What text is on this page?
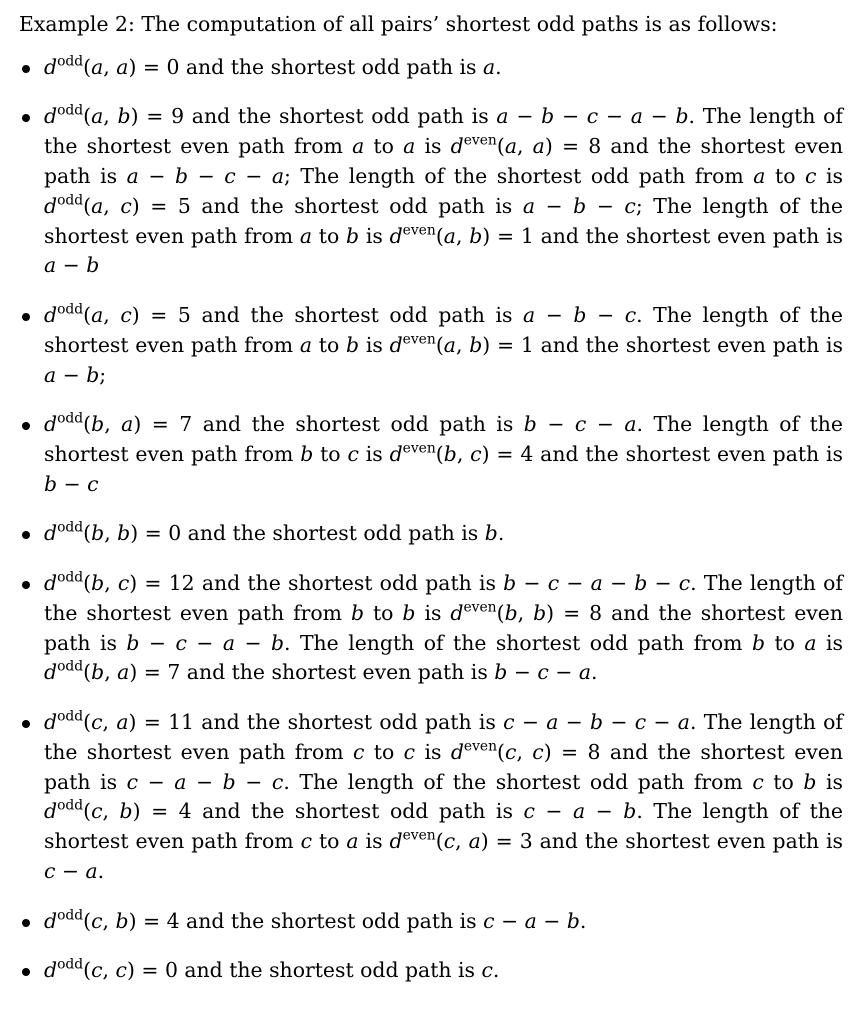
Example 2: The computation of all pairs’ shortest odd paths is as follows:

$d^{odd}(a$, a) = 0 and the shortest odd path is a.
$d^{odd}(a$, b) = 9 and the shortest odd path is a − b − c − a − b. The length of the shortest even path from a to a is $d^{even}(a$, a) = 8 and the shortest even path is a − b − c − a; The length of the shortest odd path from a to c is $d^{odd}(a$, c) = 5 and the shortest odd path is a − b − c; The length of the shortest even path from a to b is $d^{even}(a$, b) = 1 and the shortest even path is a − b
$d^{odd}(a$, c) = 5 and the shortest odd path is a − b − c. The length of the shortest even path from a to b is $d^{even}(a$, b) = 1 and the shortest even path is a − b;
$d^{odd}(b$, a) = 7 and the shortest odd path is b − c − a. The length of the shortest even path from b to c is $d^{even}(b$, c) = 4 and the shortest even path is b − c
$d^{odd}(b$, b) = 0 and the shortest odd path is b.
$d^{odd}(b$, c) = 12 and the shortest odd path is b − c − a − b − c. The length of the shortest even path from b to b is $d^{even}(b$, b) = 8 and the shortest even path is b − c − a − b. The length of the shortest odd path from b to a is $d^{odd}(b$, a) = 7 and the shortest even path is b − c − a.
$d^{odd}(c$, a) = 11 and the shortest odd path is c − a − b − c − a. The length of the shortest even path from c to c is $d^{even}(c$, c) = 8 and the shortest even path is c − a − b − c. The length of the shortest odd path from c to b is $d^{odd}(c$, b) = 4 and the shortest odd path is c − a − b. The length of the shortest even path from c to a is $d^{even}(c$, a) = 3 and the shortest even path is c − a.
$d^{odd}(c$, b) = 4 and the shortest odd path is c − a − b.
$d^{odd}(c$, c) = 0 and the shortest odd path is c.
